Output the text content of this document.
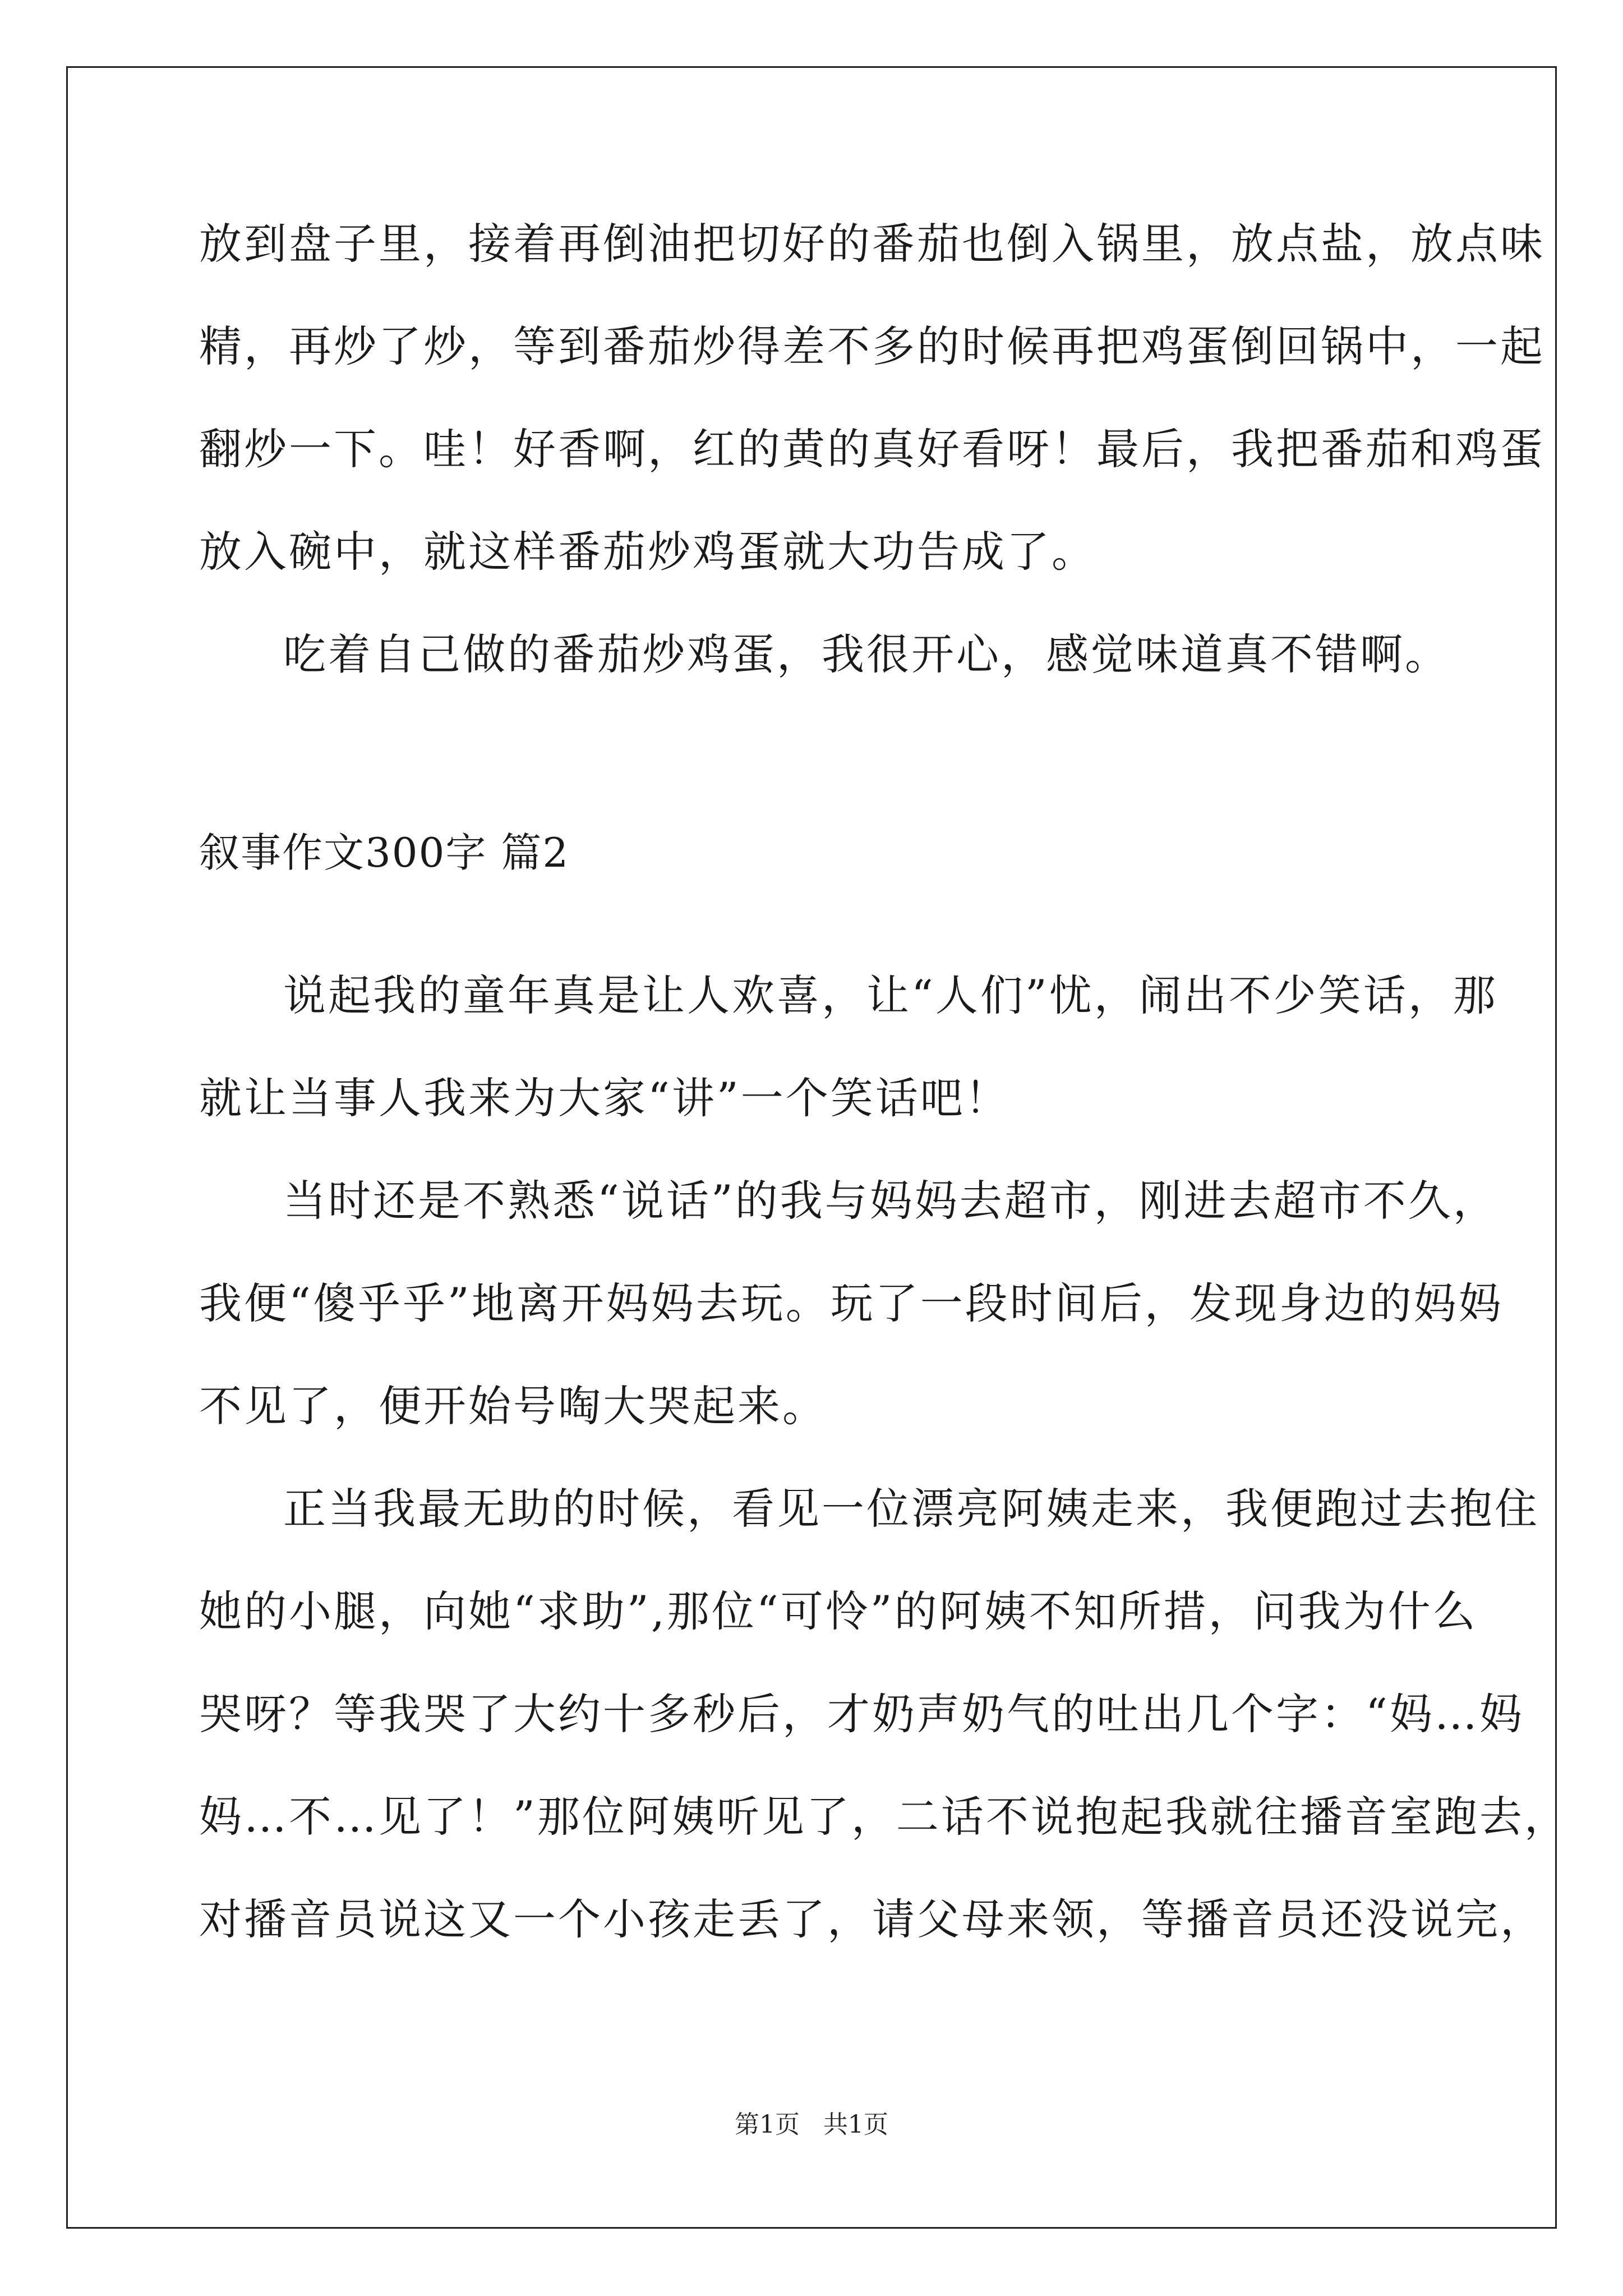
放到盘子里，接着再倒油把切好的番茄也倒入锅里，放点盐，放点味
精，再炒了炒，等到番茄炒得差不多的时候再把鸡蛋倒回锅中，一起
翻炒一下。哇！好香啊，红的黄的真好看呀！最后，我把番茄和鸡蛋
放入碗中，就这样番茄炒鸡蛋就大功告成了。
吃着自己做的番茄炒鸡蛋，我很开心，感觉味道真不错啊。
叙事作文300字 篇2
说起我的童年真是让人欢喜，让“人们”忧，闹出不少笑话，那
就让当事人我来为大家“讲”一个笑话吧！
当时还是不熟悉“说话”的我与妈妈去超市，刚进去超市不久，
我便“傻乎乎”地离开妈妈去玩。玩了一段时间后，发现身边的妈妈
不见了，便开始号啕大哭起来。
正当我最无助的时候，看见一位漂亮阿姨走来，我便跑过去抱住
她的小腿，向她“求助”,那位“可怜”的阿姨不知所措，问我为什么
哭呀？等我哭了大约十多秒后，才奶声奶气的吐出几个字：“妈…妈
妈…不…见了！”那位阿姨听见了，二话不说抱起我就往播音室跑去，
对播音员说这又一个小孩走丢了，请父母来领，等播音员还没说完，
第1页   共1页
